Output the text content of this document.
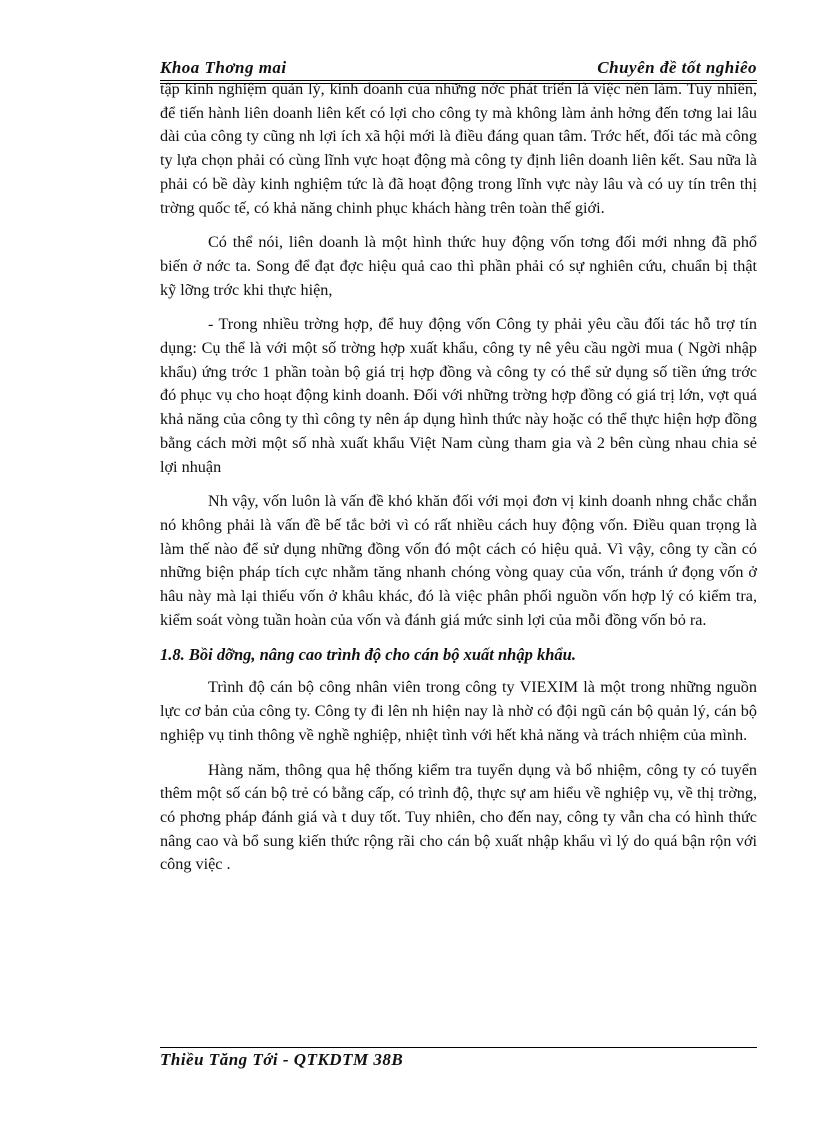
Khoa Thơng mai	Chuyên đề tốt nghiêo

tập kinh nghiệm quản lý, kinh doanh của những nớc phát triển là việc nên làm. Tuy nhiên, để tiến hành liên doanh liên kết có lợi cho công ty mà không làm ảnh hởng đến tơng lai lâu dài của công ty cũng nh lợi ích xã hội mới là điều đáng quan tâm. Trớc hết, đối tác mà công ty lựa chọn phải có cùng lĩnh vực hoạt động mà công ty định liên doanh liên kết. Sau nữa là phải có bề dày kinh nghiệm tức là đã hoạt động trong lĩnh vực này lâu và có uy tín trên thị trờng quốc tế, có khả năng chinh phục khách hàng trên toàn thế giới.

Có thể nói, liên doanh là một hình thức huy động vốn tơng đối mới nhng đã phổ biến ở nớc ta. Song để đạt đợc hiệu quả cao thì phần phải có sự nghiên cứu, chuẩn bị thật kỹ lỡng trớc khi thực hiện,

- Trong nhiều trờng hợp, để huy động vốn Công ty phải yêu cầu đối tác hỗ trợ tín dụng: Cụ thể là với một số trờng hợp xuất khẩu, công ty nê yêu cầu ngời mua ( Ngời nhập khẩu) ứng trớc 1 phần toàn bộ giá trị hợp đồng và công ty có thể sử dụng số tiền ứng trớc đó phục vụ cho hoạt động kinh doanh. Đối với những trờng hợp đồng có giá trị lớn, vợt quá khả năng của công ty thì công ty nên áp dụng hình thức này hoặc có thể thực hiện hợp đồng bằng cách mời một số nhà xuất khẩu Việt Nam cùng tham gia và 2 bên cùng nhau chia sẻ lợi nhuận

Nh vậy, vốn luôn là vấn đề khó khăn đối với mọi đơn vị kinh doanh nhng chắc chắn nó không phải là vấn đề bế tắc bởi vì có rất nhiều cách huy động vốn. Điều quan trọng là làm thế nào để sử dụng những đồng vốn đó một cách có hiệu quả. Vì vậy, công ty cần có những biện pháp tích cực nhằm tăng nhanh chóng vòng quay của vốn, tránh ứ đọng vốn ở hâu này mà lại thiếu vốn ở khâu khác, đó là việc phân phối nguồn vốn hợp lý có kiểm tra, kiểm soát vòng tuần hoàn của vốn và đánh giá mức sinh lợi của mỗi đồng vốn bỏ ra.

1.8. Bồi dỡng, nâng cao trình độ cho cán bộ xuất nhập khẩu.

Trình độ cán bộ công nhân viên trong công ty VIEXIM là một trong những nguồn lực cơ bản của công ty. Công ty đi lên nh hiện nay là nhờ có đội ngũ cán bộ quản lý, cán bộ nghiệp vụ tinh thông về nghề nghiệp, nhiệt tình với hết khả năng và trách nhiệm của mình.

Hàng năm, thông qua hệ thống kiểm tra tuyển dụng và bổ nhiệm, công ty có tuyển thêm một số cán bộ trẻ có bằng cấp, có trình độ, thực sự am hiểu về nghiệp vụ, về thị trờng, có phơng pháp đánh giá và t duy tốt. Tuy nhiên, cho đến nay, công ty vẫn cha có hình thức nâng cao và bổ sung kiến thức rộng rãi cho cán bộ xuất nhập khẩu vì lý do quá bận rộn với công việc .

Thiều Tăng Tới - QTKDTM 38B
